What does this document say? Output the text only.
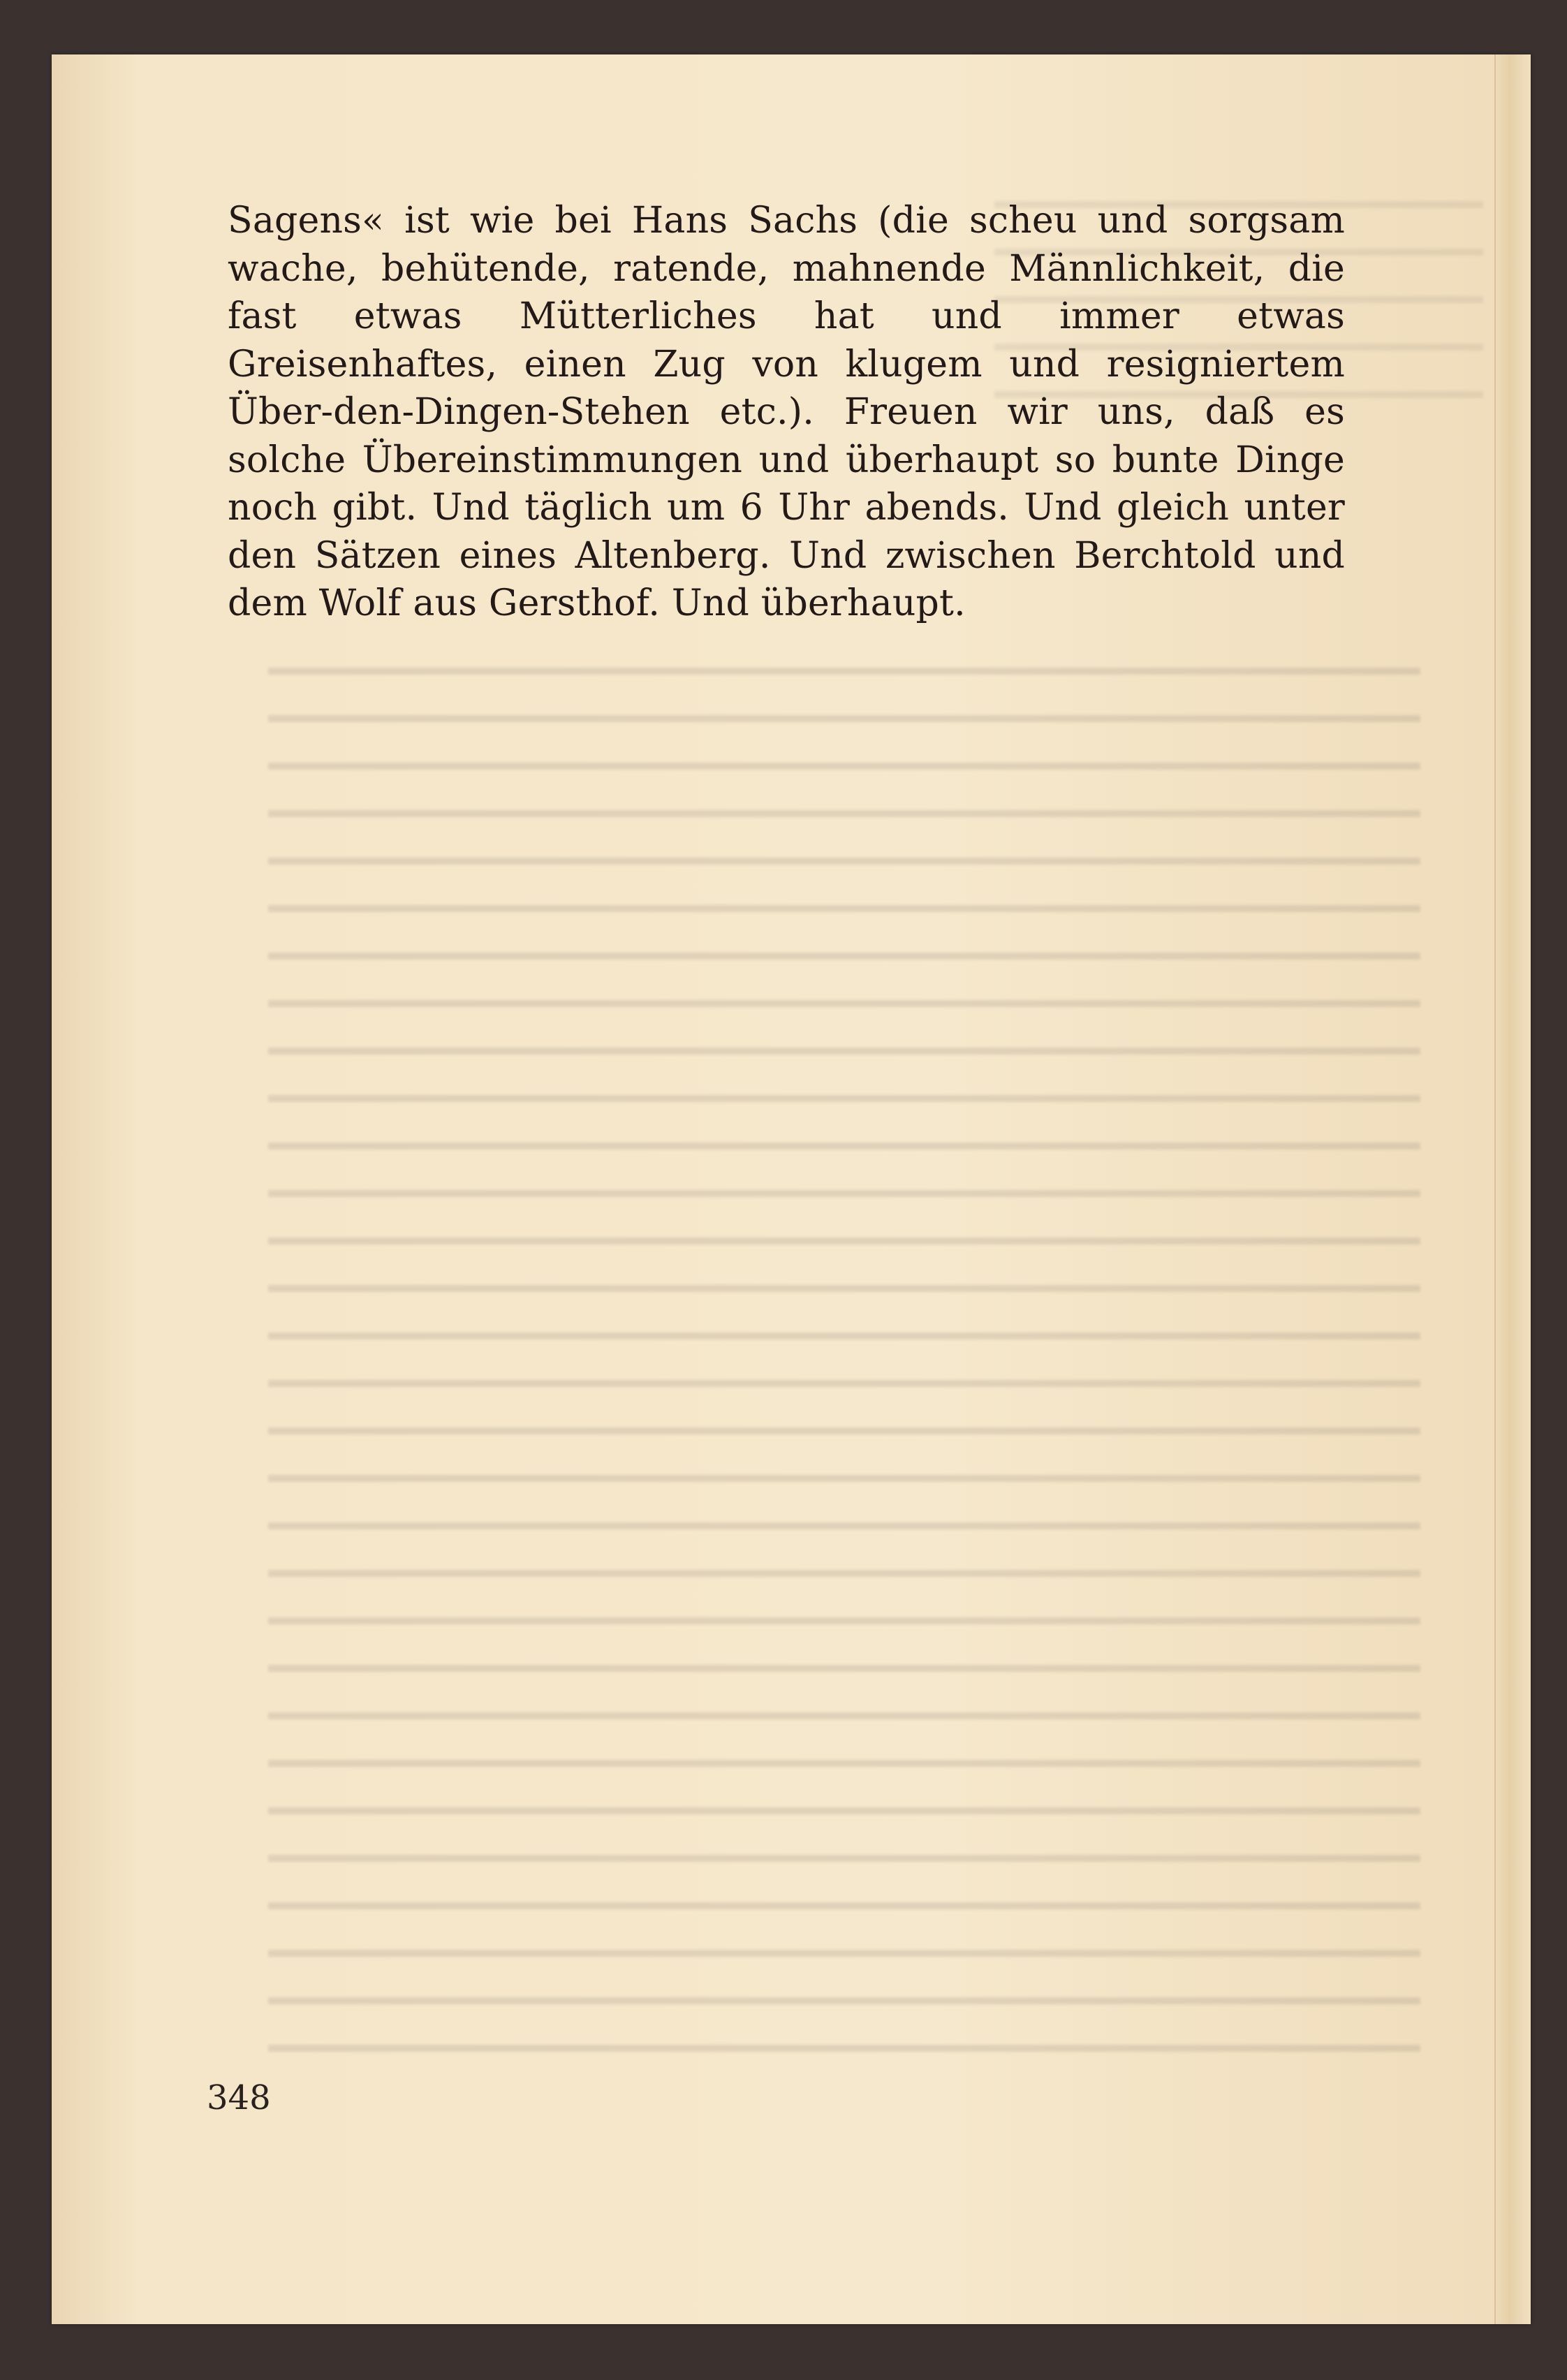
Sagens« ist wie bei Hans Sachs (die scheu und sorgsam wache, behütende, ratende, mahnende Männlichkeit, die fast etwas Mütterliches hat und immer etwas Greisenhaftes, einen Zug von klugem und resigniertem Über-den-Dingen-Stehen etc.). Freuen wir uns, daß es solche Übereinstimmungen und überhaupt so bunte Dinge noch gibt. Und täglich um 6 Uhr abends. Und gleich unter den Sätzen eines Altenberg. Und zwischen Berchtold und dem Wolf aus Gersthof. Und überhaupt.

348
